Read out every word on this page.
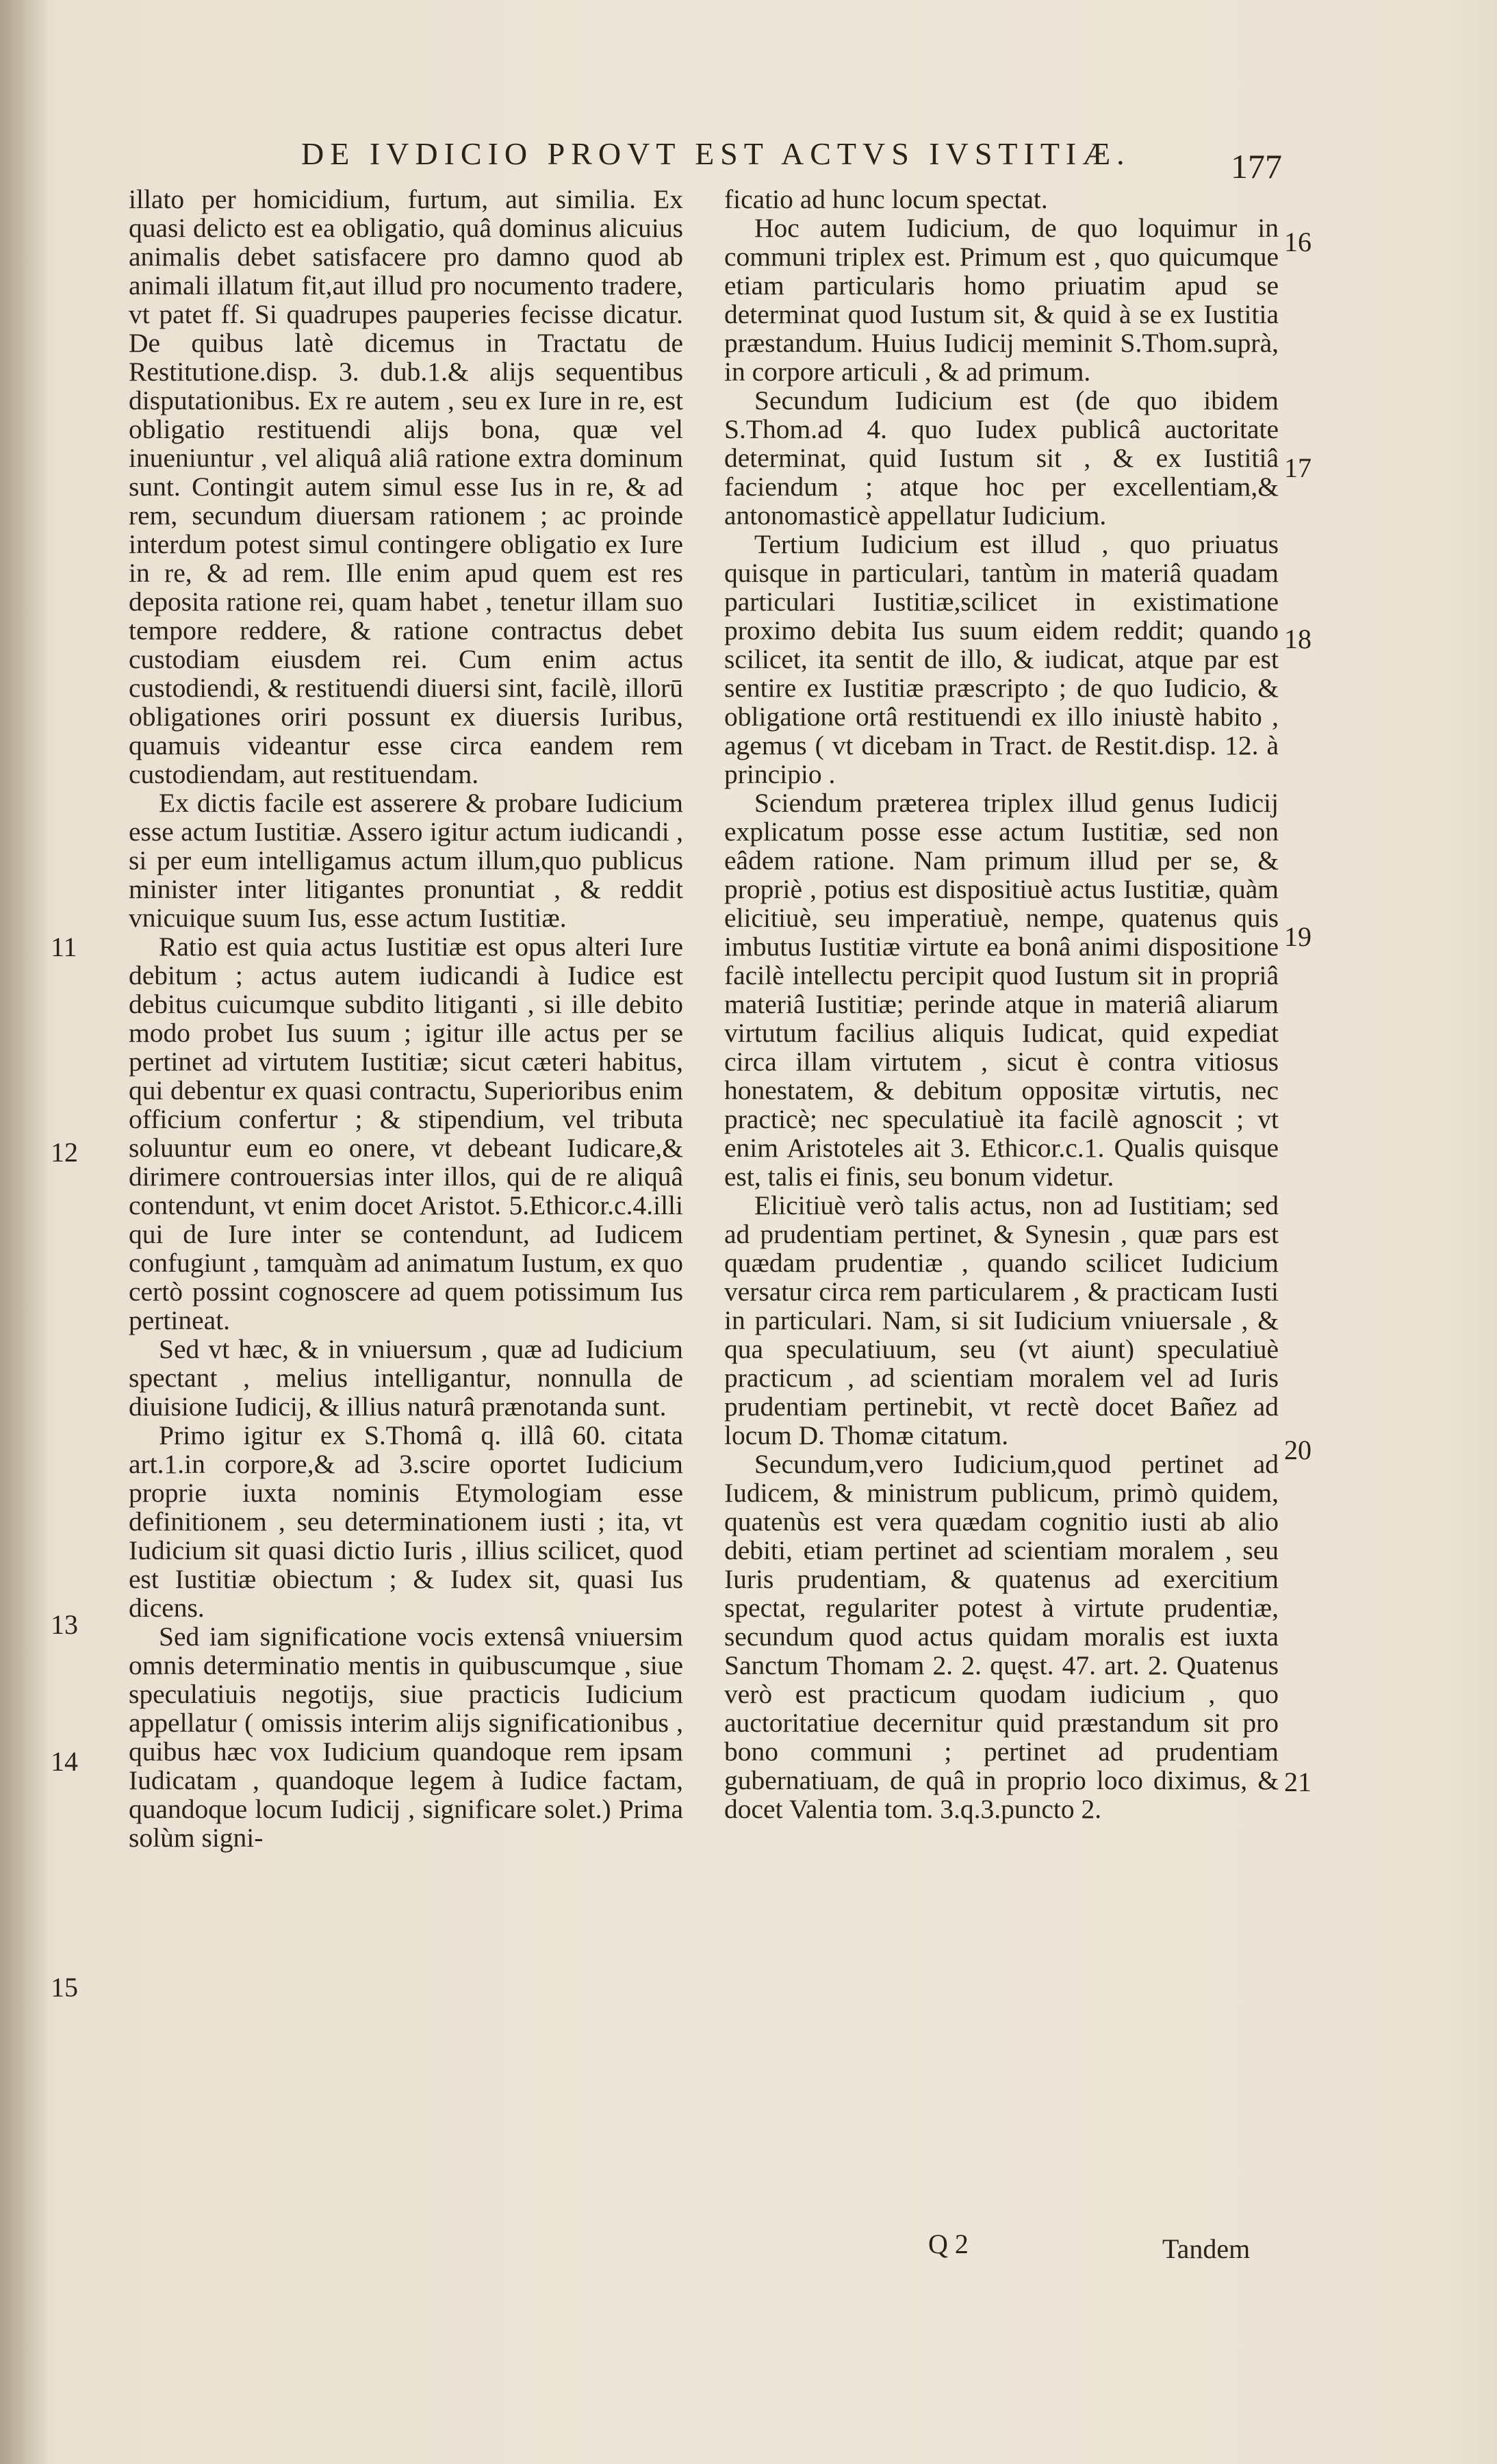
DE IVDICIO PROVT EST ACTVS IVSTITIÆ.	177

illato per homicidium, furtum, aut similia. Ex quasi delicto est ea obligatio, quâ dominus alicuius animalis debet satisfacere pro damno quod ab animali illatum fit,aut illud pro nocumento tradere, vt patet ff. Si quadrupes pauperies fecisse dicatur. De quibus latè dicemus in Tractatu de Restitutione.disp. 3. dub.1.& alijs sequentibus disputationibus. Ex re autem , seu ex Iure in re, est obligatio restituendi alijs bona, quæ vel inueniuntur , vel aliquâ aliâ ratione extra dominum sunt. Contingit autem simul esse Ius in re, & ad rem, secundum diuersam rationem ; ac proinde interdum potest simul contingere obligatio ex Iure in re, & ad rem. Ille enim apud quem est res deposita ratione rei, quam habet , tenetur illam suo tempore reddere, & ratione contractus debet custodiam eiusdem rei. Cum enim actus custodiendi, & restituendi diuersi sint, facilè, illorū obligationes oriri possunt ex diuersis Iuribus, quamuis videantur esse circa eandem rem custodiendam, aut restituendam.

Ex dictis facile est asserere & probare Iudicium esse actum Iustitiæ. Assero igitur actum iudicandi , si per eum intelligamus actum illum,quo publicus minister inter litigantes pronuntiat , & reddit vnicuique suum Ius, esse actum Iustitiæ.

Ratio est quia actus Iustitiæ est opus alteri Iure debitum ; actus autem iudicandi à Iudice est debitus cuicumque subdito litiganti , si ille debito modo probet Ius suum ; igitur ille actus per se pertinet ad virtutem Iustitiæ; sicut cæteri habitus, qui debentur ex quasi contractu, Superioribus enim officium confertur ; & stipendium, vel tributa soluuntur eum eo onere, vt debeant Iudicare,& dirimere controuersias inter illos, qui de re aliquâ contendunt, vt enim docet Aristot. 5.Ethicor.c.4.illi qui de Iure inter se contendunt, ad Iudicem confugiunt , tamquàm ad animatum Iustum, ex quo certò possint cognoscere ad quem potissimum Ius pertineat.

Sed vt hæc, & in vniuersum , quæ ad Iudicium spectant , melius intelligantur, nonnulla de diuisione Iudicij, & illius naturâ prænotanda sunt.

Primo igitur ex S.Thomâ q. illâ 60. citata art.1.in corpore,& ad 3.scire oportet Iudicium proprie iuxta nominis Etymologiam esse definitionem , seu determinationem iusti ; ita, vt Iudicium sit quasi dictio Iuris , illius scilicet, quod est Iustitiæ obiectum ; & Iudex sit, quasi Ius dicens.

Sed iam significatione vocis extensâ vniuersim omnis determinatio mentis in quibuscumque , siue speculatiuis negotijs, siue practicis Iudicium appellatur ( omissis interim alijs significationibus , quibus hæc vox Iudicium quandoque rem ipsam Iudicatam , quandoque legem à Iudice factam, quandoque locum Iudicij , significare solet.) Prima solùm signi-

11
12
13
14
15

ficatio ad hunc locum spectat.

Hoc autem Iudicium, de quo loquimur in communi triplex est. Primum est , quo quicumque etiam particularis homo priuatim apud se determinat quod Iustum sit, & quid à se ex Iustitia præstandum. Huius Iudicij meminit S.Thom.suprà, in corpore articuli , & ad primum.

Secundum Iudicium est (de quo ibidem S.Thom.ad 4. quo Iudex publicâ auctoritate determinat, quid Iustum sit , & ex Iustitiâ faciendum ; atque hoc per excellentiam,& antonomasticè appellatur Iudicium.

Tertium Iudicium est illud , quo priuatus quisque in particulari, tantùm in materiâ quadam particulari Iustitiæ,scilicet in existimatione proximo debita Ius suum eidem reddit; quando scilicet, ita sentit de illo, & iudicat, atque par est sentire ex Iustitiæ præscripto ; de quo Iudicio, & obligatione ortâ restituendi ex illo iniustè habito , agemus ( vt dicebam in Tract. de Restit.disp. 12. à principio .

Sciendum præterea triplex illud genus Iudicij explicatum posse esse actum Iustitiæ, sed non eâdem ratione. Nam primum illud per se, & propriè , potius est dispositiuè actus Iustitiæ, quàm elicitiuè, seu imperatiuè, nempe, quatenus quis imbutus Iustitiæ virtute ea bonâ animi dispositione facilè intellectu percipit quod Iustum sit in propriâ materiâ Iustitiæ; perinde atque in materiâ aliarum virtutum facilius aliquis Iudicat, quid expediat circa illam virtutem , sicut è contra vitiosus honestatem, & debitum oppositæ virtutis, nec practicè; nec speculatiuè ita facilè agnoscit ; vt enim Aristoteles ait 3. Ethicor.c.1. Qualis quisque est, talis ei finis, seu bonum videtur.

Elicitiuè verò talis actus, non ad Iustitiam; sed ad prudentiam pertinet, & Synesin , quæ pars est quædam prudentiæ , quando scilicet Iudicium versatur circa rem particularem , & practicam Iusti in particulari. Nam, si sit Iudicium vniuersale , & qua speculatiuum, seu (vt aiunt) speculatiuè practicum , ad scientiam moralem vel ad Iuris prudentiam pertinebit, vt rectè docet Bañez ad locum D. Thomæ citatum.

Secundum,vero Iudicium,quod pertinet ad Iudicem, & ministrum publicum, primò quidem, quatenùs est vera quædam cognitio iusti ab alio debiti, etiam pertinet ad scientiam moralem , seu Iuris prudentiam, & quatenus ad exercitium spectat, regulariter potest à virtute prudentiæ, secundum quod actus quidam moralis est iuxta Sanctum Thomam 2. 2. quęst. 47. art. 2. Quatenus verò est practicum quodam iudicium , quo auctoritatiue decernitur quid præstandum sit pro bono communi ; pertinet ad prudentiam gubernatiuam, de quâ in proprio loco diximus, & docet Valentia tom. 3.q.3.puncto 2.

16
17
18
19
20
21
Q 2	Tandem
